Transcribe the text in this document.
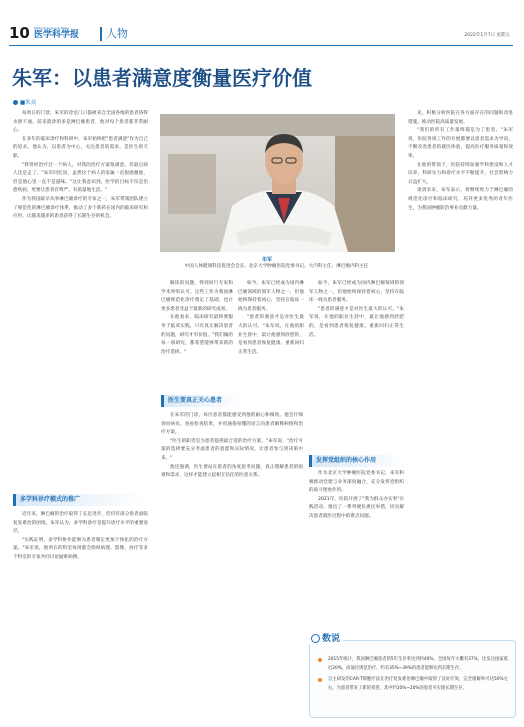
10 Medical Sciences News
医学科学报	人物	2022年1月7日 星期五
朱军：以患者满意度衡量医疗价值
■朱众

每周日的门诊，朱军的诊室门口都被来自全国各地的患者挤得水泄不通。前来就诊的多是淋巴瘤患者，他对每个患者都非常耐心。

在多年的临床诊疗和科研中，朱军始终把"患者满意"作为自己的追求。他认为，以患者为中心，关注患者的需求，是医生的天职。

"我曾经治疗过一个病人，对我的治疗方案很满意，但最后病人还是走了。"朱军回忆说，虽然这个病人的家属一直很感激他，但是他心里一直不是滋味。"这让我意识到，医学的目标不仅是治愈疾病，更要让患者有尊严、有质量地生活。"

作为我国最早从事淋巴瘤诊疗的专家之一，朱军带领团队建立了规范化的淋巴瘤诊疗体系，推动了多个新药在国内的临床研究和应用，让越来越多的患者获得了长期生存的机会。

多学科诊疗模式的推广

近年来，淋巴瘤的治疗取得了长足进步，但仍有部分患者面临复发难治的困境。朱军认为，多学科诊疗是提升诊疗水平的重要途径。

"实践证明，多学科协作能够为患者制定更加个体化的治疗方案。"朱军说，他所在的科室每周都会组织病理、影像、放疗等多个科室的专家共同讨论疑难病例。

朱军
中国人体健康科技促进会会长、北京大学肿瘤医院党委书记、大内科主任、淋巴瘤内科主任

解读的问题，得到同行专家和学术界的认可。这些工作为我国淋巴瘤规范化诊疗奠定了基础，也让更多患者受益于最新的研究成果。

在他看来，临床研究最终要服务于临床实践，只有真正解决患者的问题，研究才有价值。"我们做的每一项研究，都希望能够带来新的治疗选择。"

医生要真正关心患者

在朱军的门诊，每位患者都能感受到他的耐心和细致。他会仔细询问病史、查看检查结果，并用通俗易懂的语言向患者解释病情和治疗方案。

"医生的职责是为患者提供最合适的治疗方案。"朱军说，"治疗方案的选择要充分考虑患者的意愿和实际情况，让患者参与到决策中来。"

他还强调，医生要站在患者的角度思考问题，真正理解患者的困难和需求，这样才能建立起相互信任的医患关系。

如今，朱军已经成为国内淋巴瘤领域的领军人物之一，但他始终保持着初心，坚持在临床一线为患者服务。

"患者的满意才是对医生最大的认可。"朱军说，在他的职业生涯中，最让他感到欣慰的，是看到患者恢复健康、重新回归正常生活。

发挥党组织的核心作用

作为北京大学肿瘤医院党委书记，朱军积极推动党建与业务深度融合，充分发挥党组织的战斗堡垒作用。

2021年，医院开展了"我为群众办实事"实践活动，推出了一系列便民惠民举措，切实解决患者就医过程中的难点问题。

如今，朱军已经成为国内淋巴瘤领域的领军人物之一，但他始终保持着初心，坚持在临床一线为患者服务。

"患者的满意才是对医生最大的认可。"朱军说，在他的职业生涯中，最让他感到欣慰的，是看到患者恢复健康、重新回归正常生活。

见，积极分析医院在各方面存在的问题和改进措施，推动医院高质量发展。

"我们的所有工作最终都是为了患者。"朱军说，医院各项工作的开展都要以患者需求为导向，不断改善患者的就医体验，提高医疗服务质量和效率。

在他的带领下，医院持续加强学科建设和人才培养，科研实力和诊疗水平不断提升，社会影响力日益扩大。

谈到未来，朱军表示，将继续致力于淋巴瘤的规范化诊疗和临床研究，培养更多优秀的青年医生，为我国肿瘤防治事业贡献力量。

数说

2015年统计，我国淋巴瘤患者的5年生存率达到约40%，全国每年大概有37%，比发达国家低近20%，而通过规范治疗，约有35%~39%的患者能够达到长期生存。

自主研发的CAR-T细胞疗法在治疗复发难治淋巴瘤中取得了良好疗效，完全缓解率可达50%左右，为患者带来了新的希望，其中约10%~20%的患者可实现长期生存。
